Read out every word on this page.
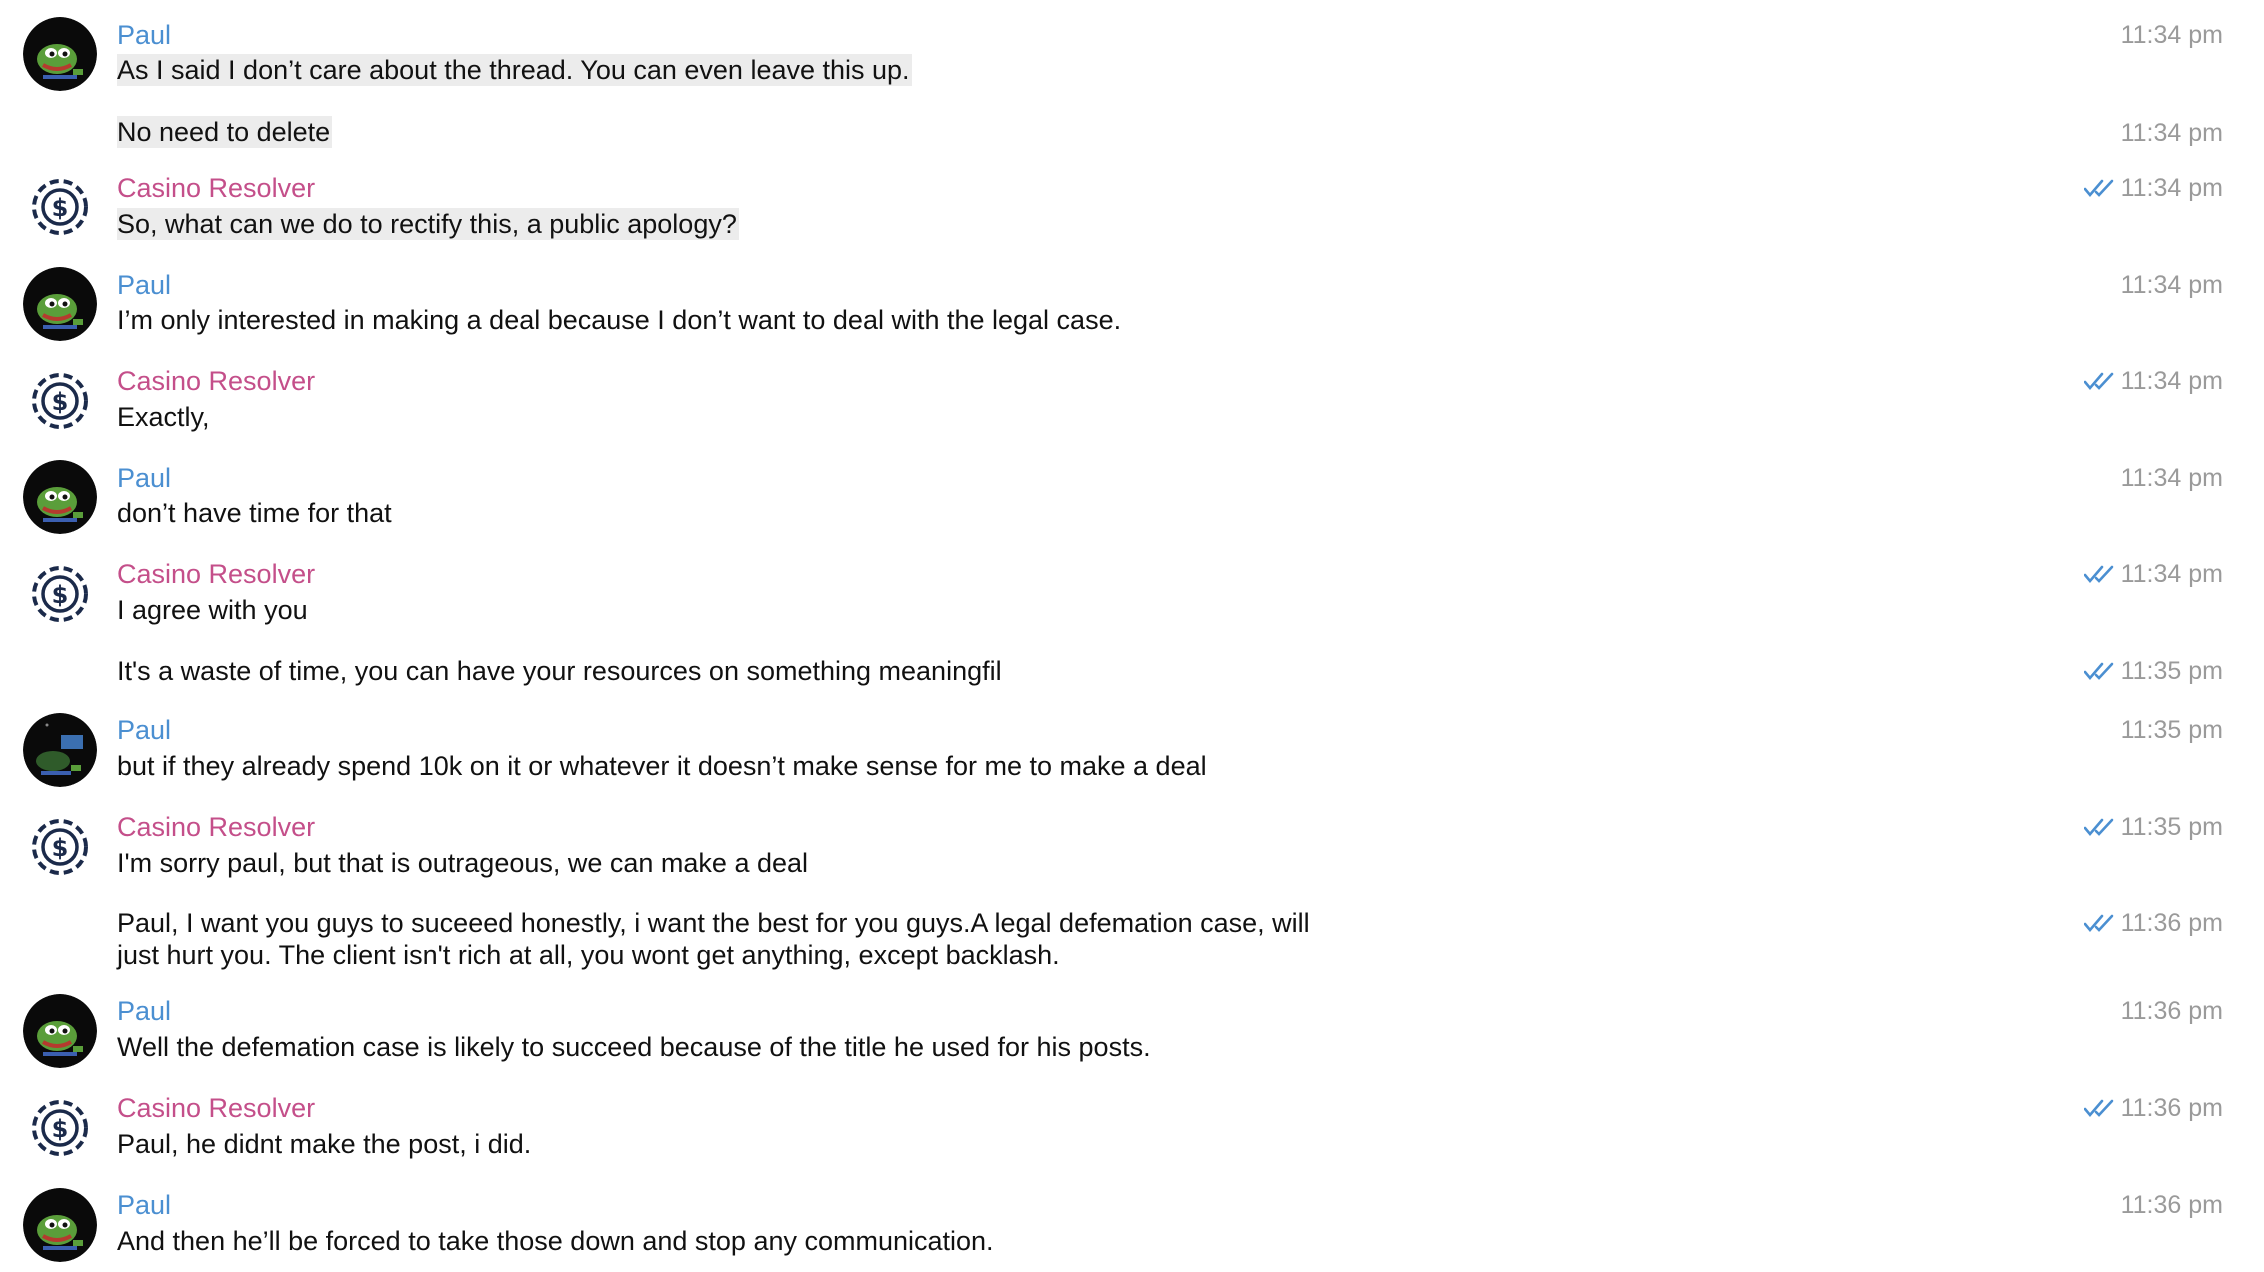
Paul
As I said I don’t care about the thread. You can even leave this up.
11:34 pm
No need to delete	11:34 pm
$
Casino Resolver
So, what can we do to rectify this, a public apology?
11:34 pm
Paul
I’m only interested in making a deal because I don’t want to deal with the legal case.
11:34 pm
$
Casino Resolver
Exactly,
11:34 pm
Paul
don’t have time for that
11:34 pm
$
Casino Resolver
I agree with you
11:34 pm
It's a waste of time, you can have your resources on something meaningfil	11:35 pm
Paul
but if they already spend 10k on it or whatever it doesn’t make sense for me to make a deal
11:35 pm
$
Casino Resolver
I'm sorry paul, but that is outrageous, we can make a deal
11:35 pm
Paul, I want you guys to suceeed honestly, i want the best for you guys.A legal defemation case, will
just hurt you. The client isn't rich at all, you wont get anything, except backlash.
11:36 pm
Paul
Well the defemation case is likely to succeed because of the title he used for his posts.
11:36 pm
$
Casino Resolver
Paul, he didnt make the post, i did.
11:36 pm
Paul
And then he’ll be forced to take those down and stop any communication.
11:36 pm
